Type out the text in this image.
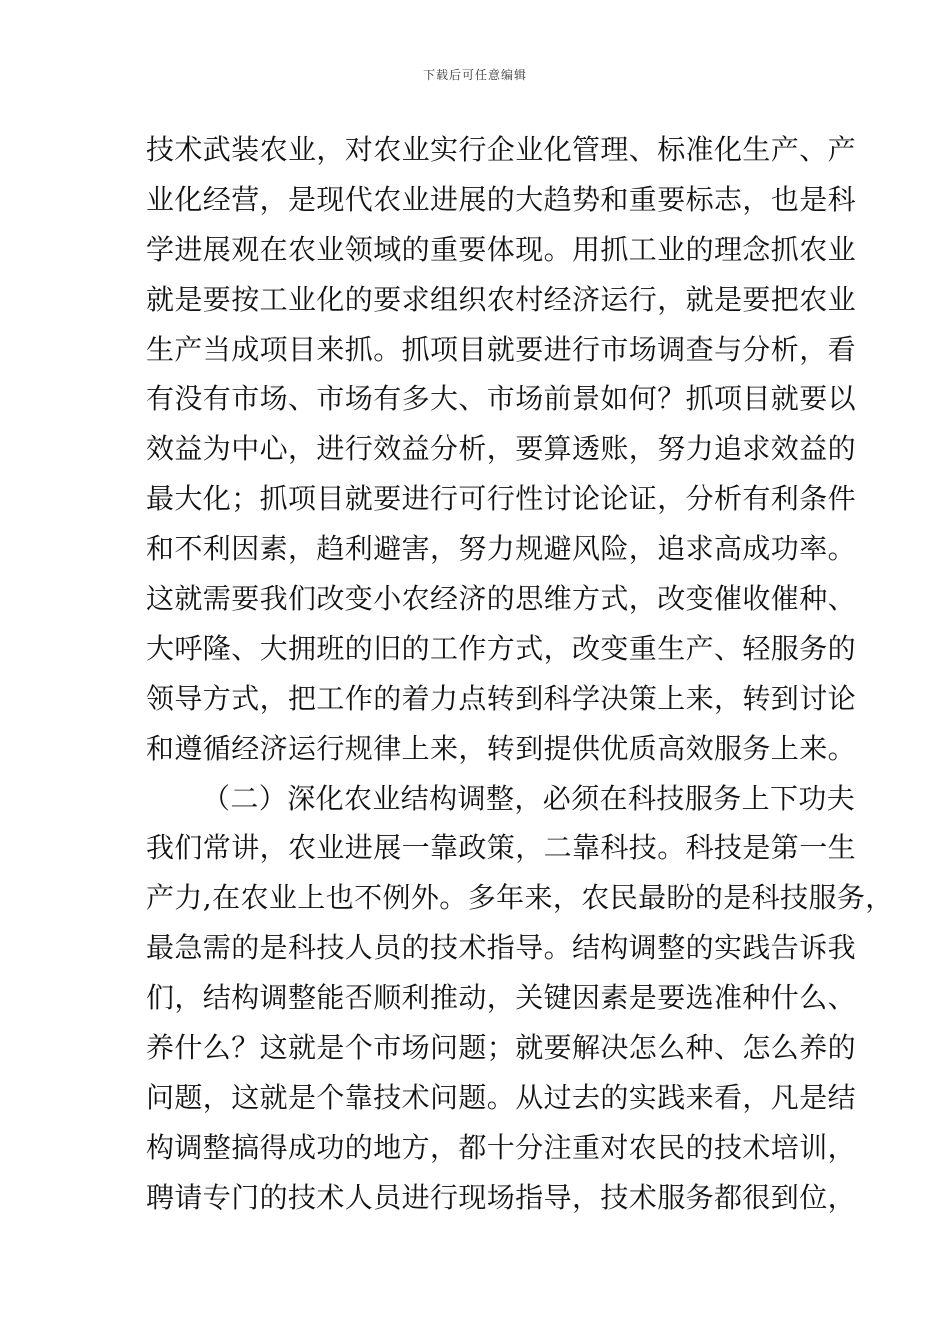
下载后可任意编辑
技术武装农业，对农业实行企业化管理、标准化生产、产
业化经营，是现代农业进展的大趋势和重要标志，也是科
学进展观在农业领域的重要体现。用抓工业的理念抓农业
就是要按工业化的要求组织农村经济运行，就是要把农业
生产当成项目来抓。抓项目就要进行市场调查与分析，看
有没有市场、市场有多大、市场前景如何？抓项目就要以
效益为中心，进行效益分析，要算透账，努力追求效益的
最大化；抓项目就要进行可行性讨论论证，分析有利条件
和不利因素，趋利避害，努力规避风险，追求高成功率。
这就需要我们改变小农经济的思维方式，改变催收催种、
大呼隆、大拥班的旧的工作方式，改变重生产、轻服务的
领导方式，把工作的着力点转到科学决策上来，转到讨论
和遵循经济运行规律上来，转到提供优质高效服务上来。
（二）深化农业结构调整，必须在科技服务上下功夫
我们常讲，农业进展一靠政策，二靠科技。科技是第一生
产力,在农业上也不例外。多年来，农民最盼的是科技服务，
最急需的是科技人员的技术指导。结构调整的实践告诉我
们，结构调整能否顺利推动，关键因素是要选准种什么、
养什么？这就是个市场问题；就要解决怎么种、怎么养的
问题，这就是个靠技术问题。从过去的实践来看，凡是结
构调整搞得成功的地方，都十分注重对农民的技术培训，
聘请专门的技术人员进行现场指导，技术服务都很到位，
